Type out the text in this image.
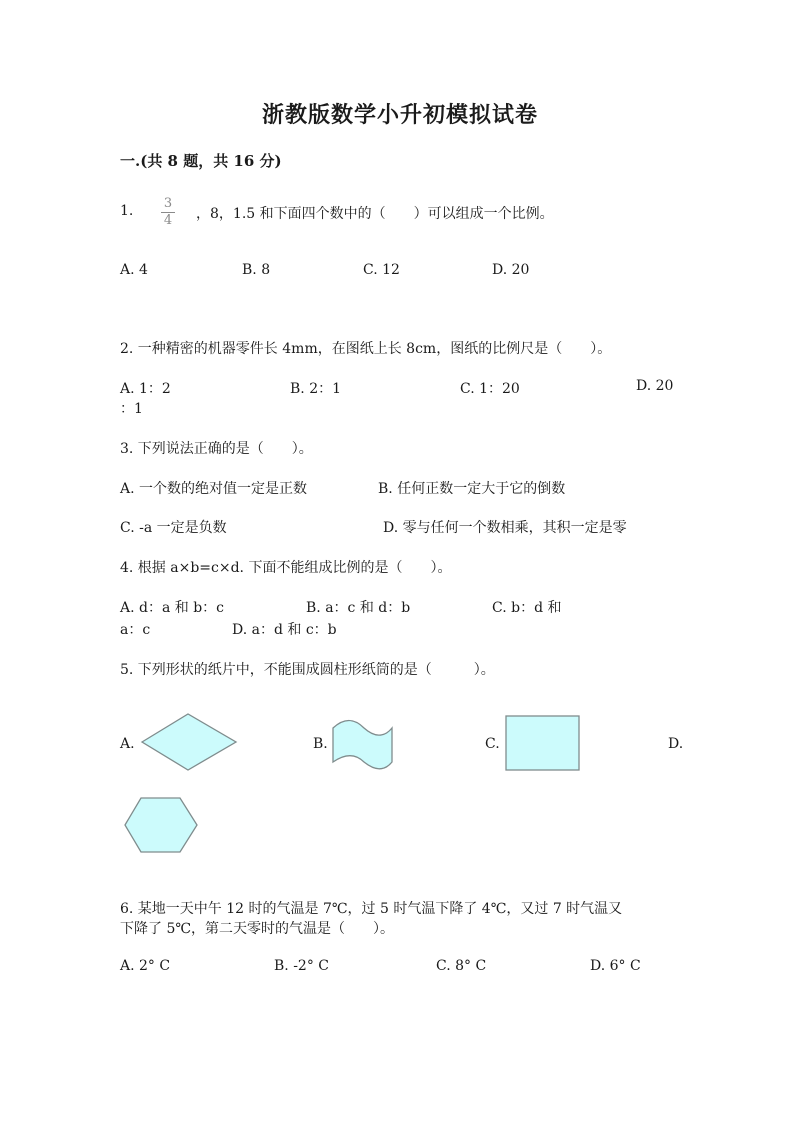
浙教版数学小升初模拟试卷
一.(共 8 题，共 16 分)
1.	3
4	，8，1.5 和下面四个数中的（　　）可以组成一个比例。
A. 4	B. 8	C. 12	D. 20
2. 一种精密的机器零件长 4mm，在图纸上长 8cm，图纸的比例尺是（　　）。
A. 1：2	B. 2：1	C. 1：20	D. 20
：1
3. 下列说法正确的是（　　）。
A. 一个数的绝对值一定是正数	B. 任何正数一定大于它的倒数
C. -a 一定是负数	D. 零与任何一个数相乘，其积一定是零
4. 根据 a×b=c×d. 下面不能组成比例的是（　　）。
A. d：a 和 b：c	B. a：c 和 d：b	C. b：d 和
a：c	D. a：d 和 c：b
5. 下列形状的纸片中，不能围成圆柱形纸筒的是（　　　）。
A.	B.	C.	D.
6. 某地一天中午 12 时的气温是 7℃，过 5 时气温下降了 4℃，又过 7 时气温又
下降了 5℃，第二天零时的气温是（　　）。
A. 2° C	B. -2° C	C. 8° C	D. 6° C
